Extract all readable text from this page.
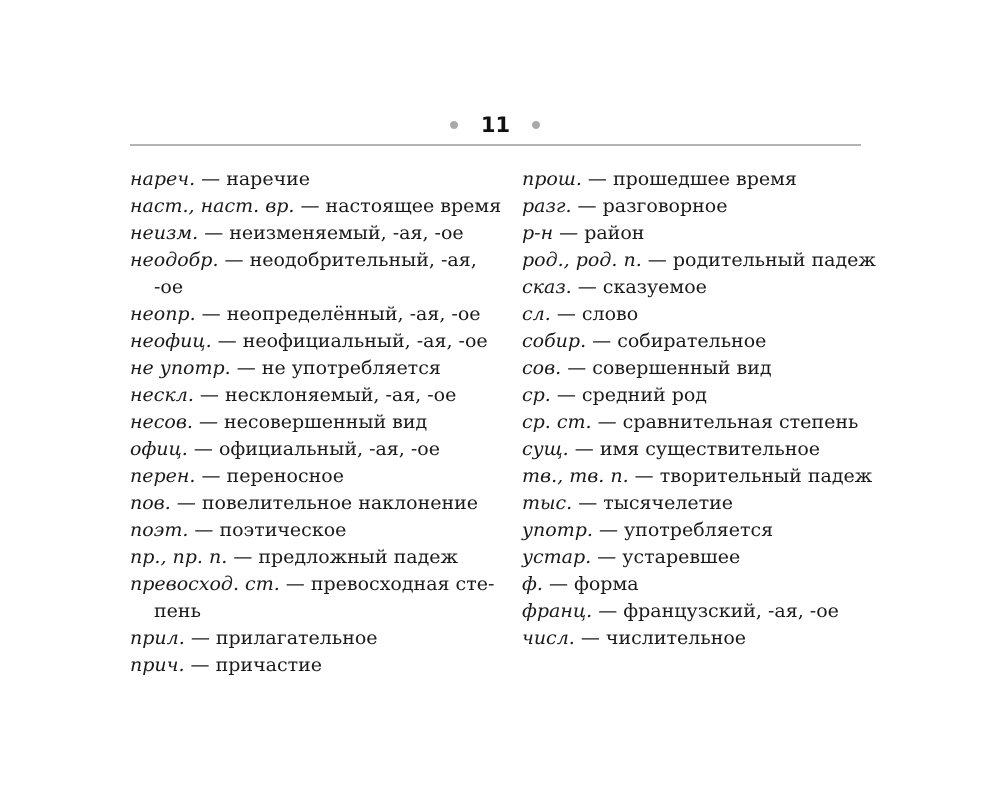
11
нареч. — наречие
наст., наст. вр. — настоящее время
неизм. — неизменяемый, -ая, -ое
неодобр. — неодобрительный, -ая,
-ое
неопр. — неопределённый, -ая, -ое
неофиц. — неофициальный, -ая, -ое
не употр. — не употребляется
нескл. — несклоняемый, -ая, -ое
несов. — несовершенный вид
офиц. — официальный, -ая, -ое
перен. — переносное
пов. — повелительное наклонение
поэт. — поэтическое
пр., пр. п. — предложный падеж
превосход. ст. — превосходная сте-
пень
прил. — прилагательное
прич. — причастие
прош. — прошедшее время
разг. — разговорное
р-н — район
род., род. п. — родительный падеж
сказ. — сказуемое
сл. — слово
собир. — собирательное
сов. — совершенный вид
ср. — средний род
ср. ст. — сравнительная степень
сущ. — имя существительное
тв., тв. п. — творительный падеж
тыс. — тысячелетие
употр. — употребляется
устар. — устаревшее
ф. — форма
франц. — французский, -ая, -ое
числ. — числительное
